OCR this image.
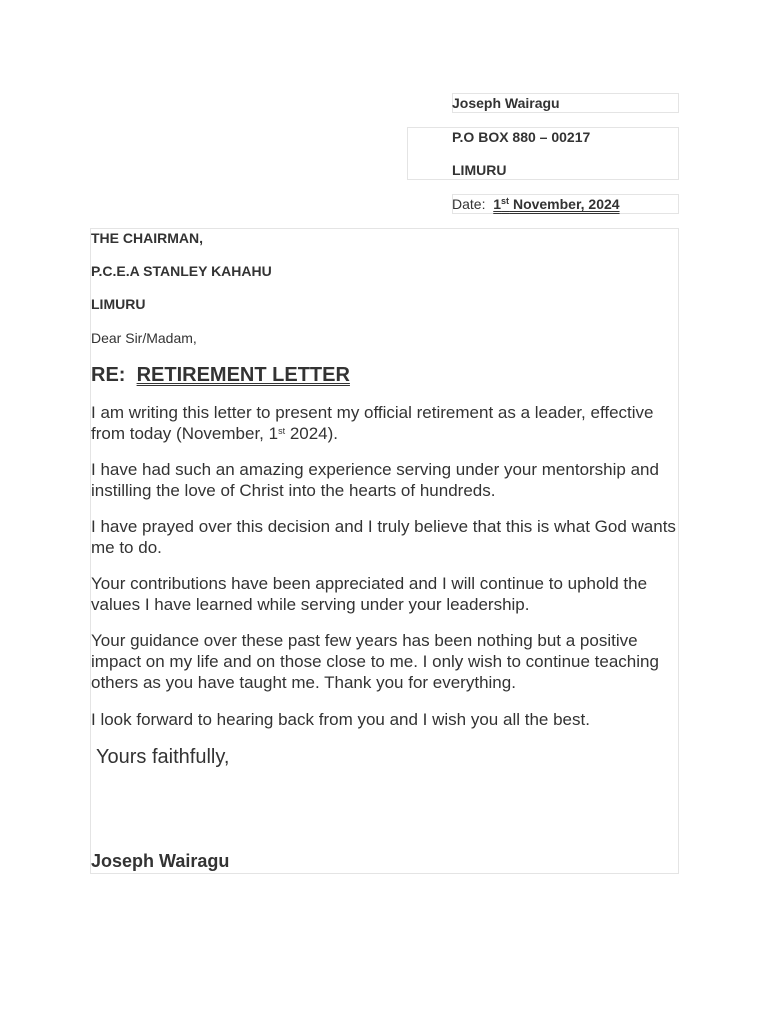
Joseph Wairagu

P.O BOX 880 – 00217

LIMURU

Date: 1st November, 2024

THE CHAIRMAN,

P.C.E.A STANLEY KAHAHU

LIMURU

Dear Sir/Madam,

RE: RETIREMENT LETTER

I am writing this letter to present my official retirement as a leader, effective from today (November, 1st 2024).

I have had such an amazing experience serving under your mentorship and instilling the love of Christ into the hearts of hundreds.

I have prayed over this decision and I truly believe that this is what God wants me to do.

Your contributions have been appreciated and I will continue to uphold the values I have learned while serving under your leadership.

Your guidance over these past few years has been nothing but a positive impact on my life and on those close to me. I only wish to continue teaching others as you have taught me. Thank you for everything.

I look forward to hearing back from you and I wish you all the best.

Yours faithfully,

Joseph Wairagu
